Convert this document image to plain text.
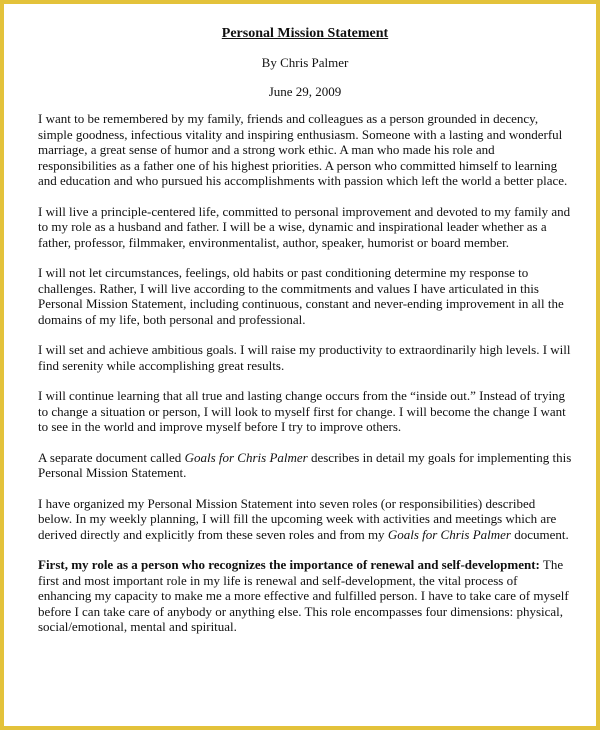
Personal Mission Statement
By Chris Palmer
June 29, 2009

I want to be remembered by my family, friends and colleagues as a person grounded in decency, simple goodness, infectious vitality and inspiring enthusiasm. Someone with a lasting and wonderful marriage, a great sense of humor and a strong work ethic. A man who made his role and responsibilities as a father one of his highest priorities. A person who committed himself to learning and education and who pursued his accomplishments with passion which left the world a better place.

I will live a principle-centered life, committed to personal improvement and devoted to my family and to my role as a husband and father. I will be a wise, dynamic and inspirational leader whether as a father, professor, filmmaker, environmentalist, author, speaker, humorist or board member.

I will not let circumstances, feelings, old habits or past conditioning determine my response to challenges. Rather, I will live according to the commitments and values I have articulated in this Personal Mission Statement, including continuous, constant and never-ending improvement in all the domains of my life, both personal and professional.

I will set and achieve ambitious goals. I will raise my productivity to extraordinarily high levels. I will find serenity while accomplishing great results.

I will continue learning that all true and lasting change occurs from the “inside out.” Instead of trying to change a situation or person, I will look to myself first for change. I will become the change I want to see in the world and improve myself before I try to improve others.

A separate document called Goals for Chris Palmer describes in detail my goals for implementing this Personal Mission Statement.

I have organized my Personal Mission Statement into seven roles (or responsibilities) described below. In my weekly planning, I will fill the upcoming week with activities and meetings which are derived directly and explicitly from these seven roles and from my Goals for Chris Palmer document.

First, my role as a person who recognizes the importance of renewal and self-development: The first and most important role in my life is renewal and self-development, the vital process of enhancing my capacity to make me a more effective and fulfilled person. I have to take care of myself before I can take care of anybody or anything else. This role encompasses four dimensions: physical, social/emotional, mental and spiritual.
